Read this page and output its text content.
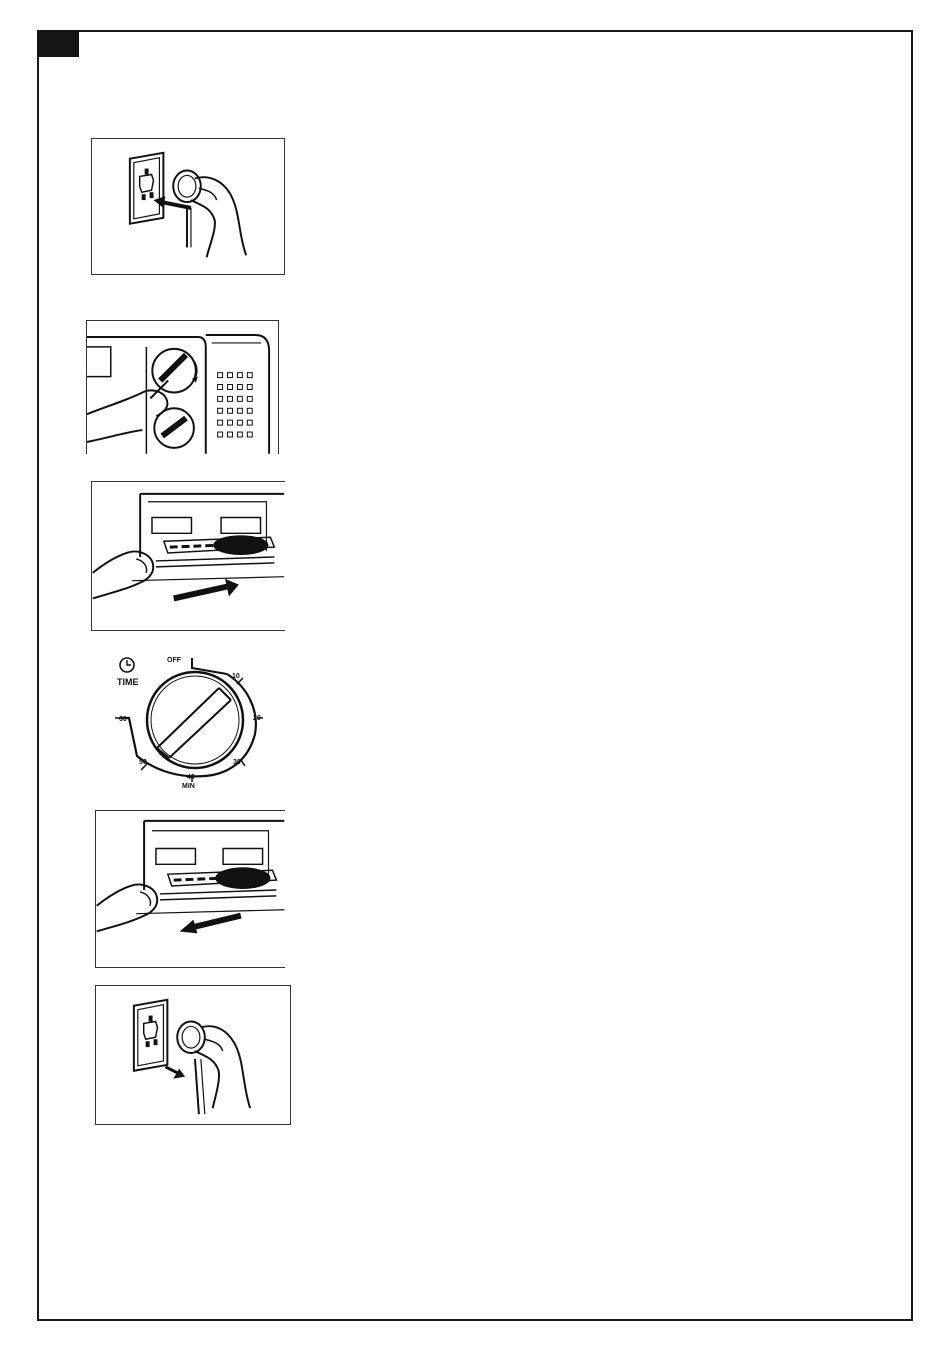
TIME
OFF
10
20
30
40
50
60
MIN
